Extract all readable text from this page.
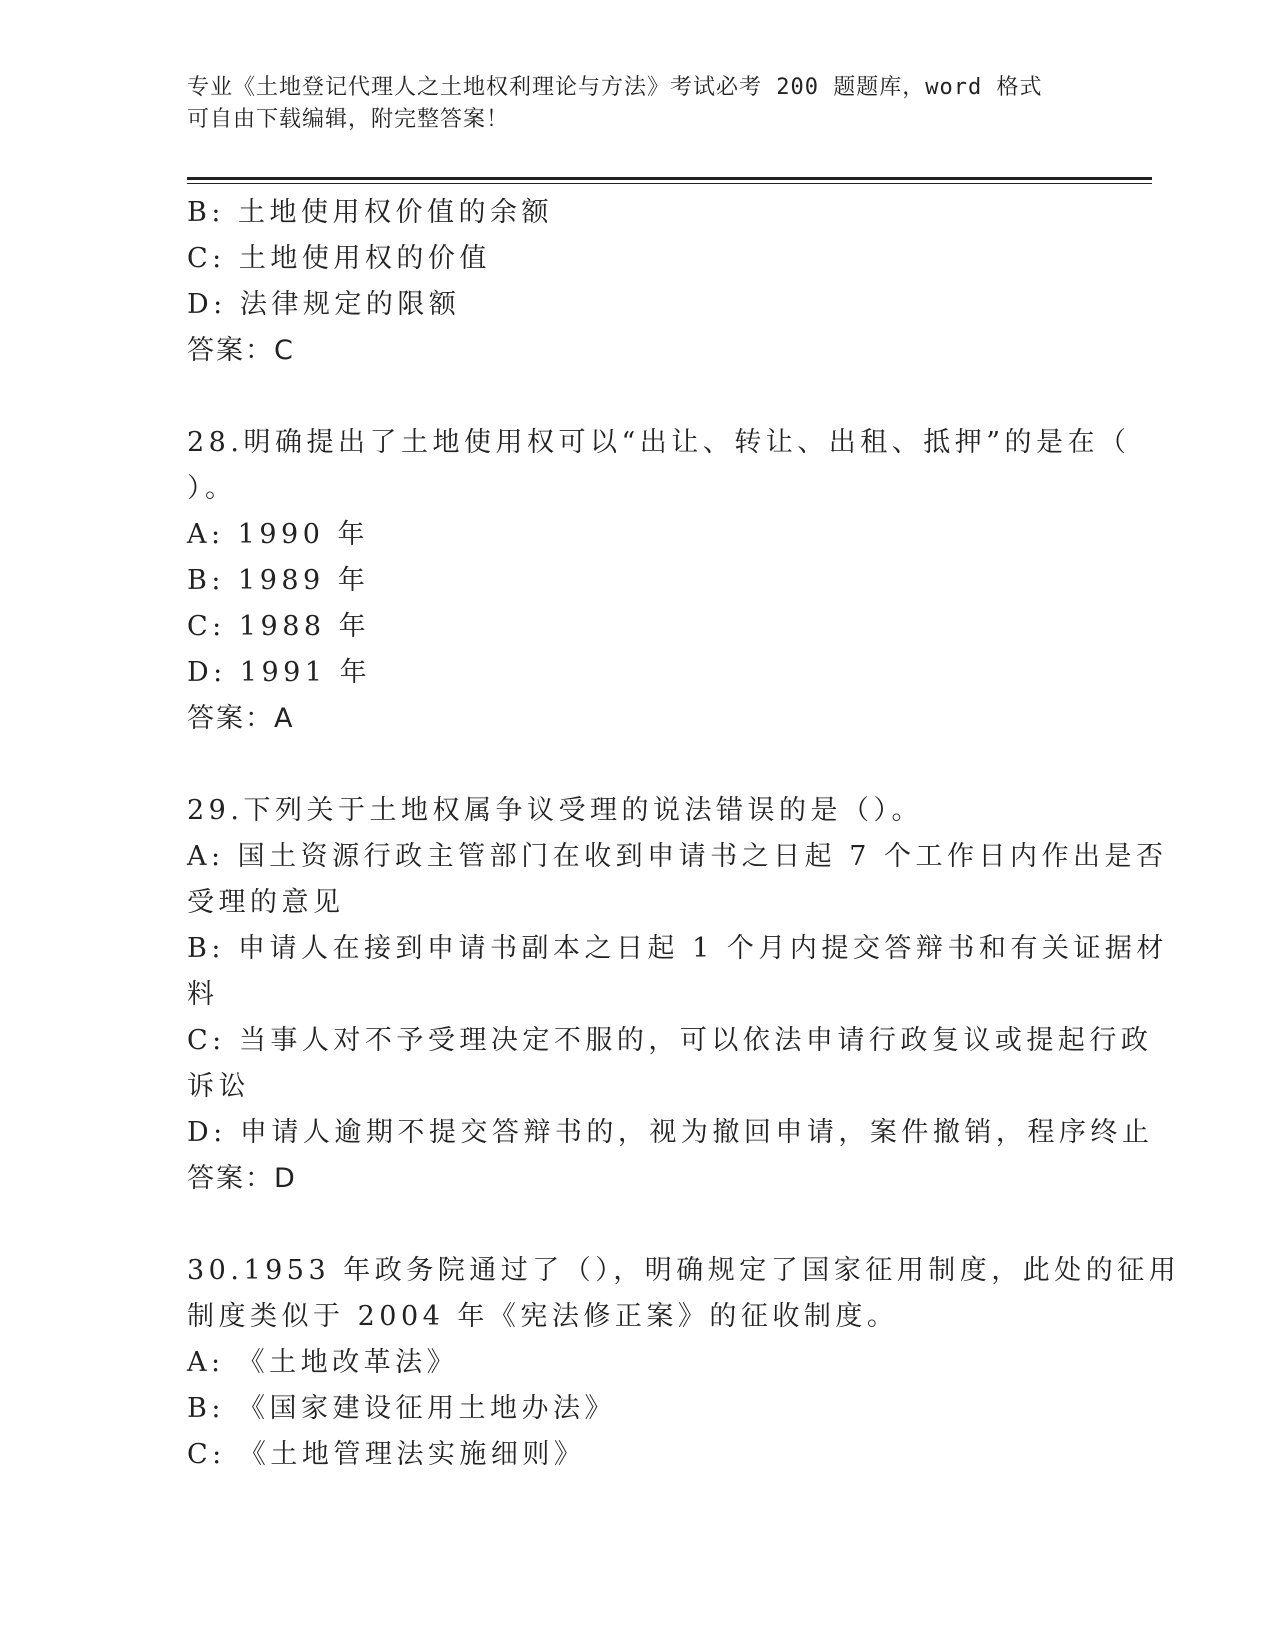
专业《土地登记代理人之土地权利理论与方法》考试必考 200 题题库，word 格式
可自由下载编辑，附完整答案！
B: 土地使用权价值的余额
C: 土地使用权的价值
D: 法律规定的限额
答案：C
28.明确提出了土地使用权可以“出让、转让、出租、抵押”的是在（
）。
A: 1990 年
B: 1989 年
C: 1988 年
D: 1991 年
答案：A
29.下列关于土地权属争议受理的说法错误的是（）。
A: 国土资源行政主管部门在收到申请书之日起 7 个工作日内作出是否
受理的意见
B: 申请人在接到申请书副本之日起 1 个月内提交答辩书和有关证据材
料
C: 当事人对不予受理决定不服的，可以依法申请行政复议或提起行政
诉讼
D: 申请人逾期不提交答辩书的，视为撤回申请，案件撤销，程序终止
答案：D
30.1953 年政务院通过了（），明确规定了国家征用制度，此处的征用
制度类似于 2004 年《宪法修正案》的征收制度。
A: 《土地改革法》
B: 《国家建设征用土地办法》
C: 《土地管理法实施细则》
